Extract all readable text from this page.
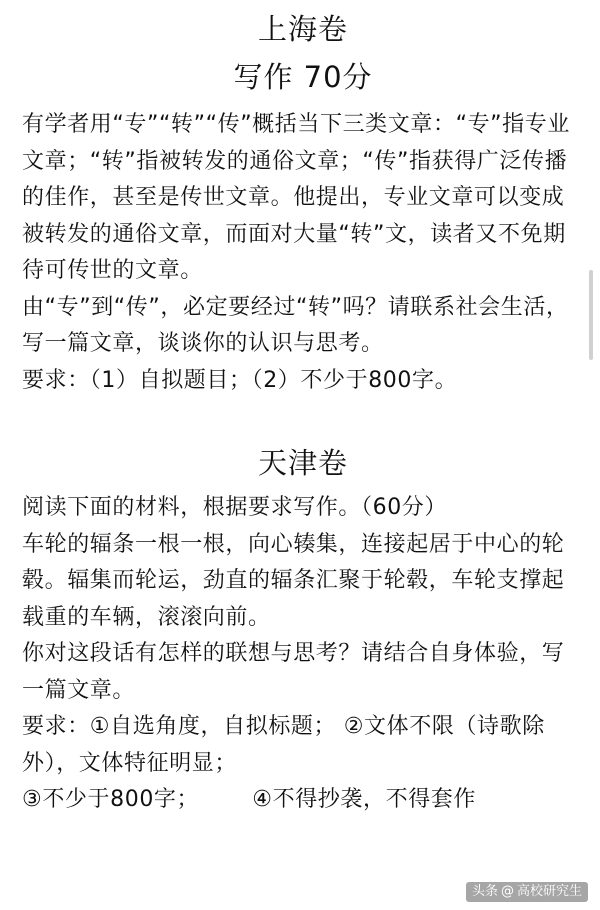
上海卷
写作 70分

有学者用“专”“转”“传”概括当下三类文章：“专”指专业文章；“转”指被转发的通俗文章；“传”指获得广泛传播的佳作，甚至是传世文章。他提出，专业文章可以变成被转发的通俗文章，而面对大量“转”文，读者又不免期待可传世的文章。

由“专”到“传”，必定要经过“转”吗？请联系社会生活，写一篇文章，谈谈你的认识与思考。

要求：（1）自拟题目；（2）不少于800字。

天津卷

阅读下面的材料，根据要求写作。（60分）

车轮的辐条一根一根，向心辏集，连接起居于中心的轮毂。辐集而轮运，劲直的辐条汇聚于轮毂，车轮支撑起载重的车辆，滚滚向前。

你对这段话有怎样的联想与思考？请结合自身体验，写一篇文章。

要求：①自选角度，自拟标题； ②文体不限（诗歌除外），文体特征明显；

③不少于800字；       ④不得抄袭，不得套作

头条 @ 高校研究生
